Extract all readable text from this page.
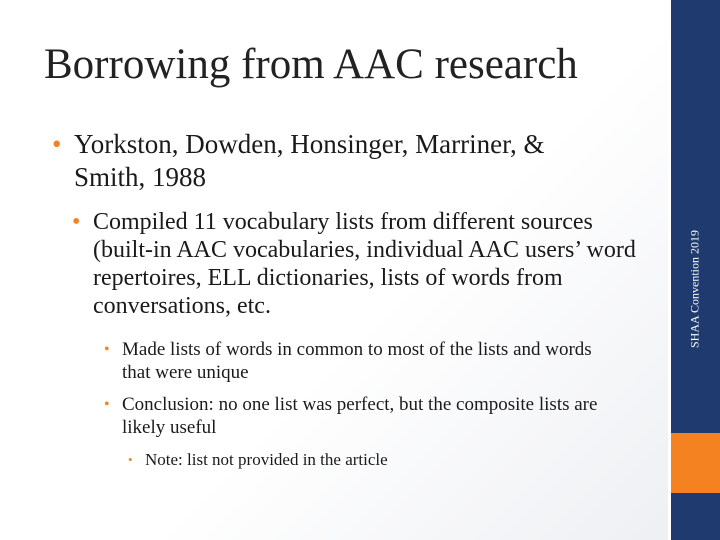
Borrowing from AAC research
SHAA Convention 2019
• Yorkston, Dowden, Honsinger, Marriner, & Smith, 1988
• Compiled 11 vocabulary lists from different sources (built-in AAC vocabularies, individual AAC users’ word repertoires, ELL dictionaries, lists of words from conversations, etc.
• Made lists of words in common to most of the lists and words that were unique
• Conclusion: no one list was perfect, but the composite lists are likely useful
• Note: list not provided in the article
